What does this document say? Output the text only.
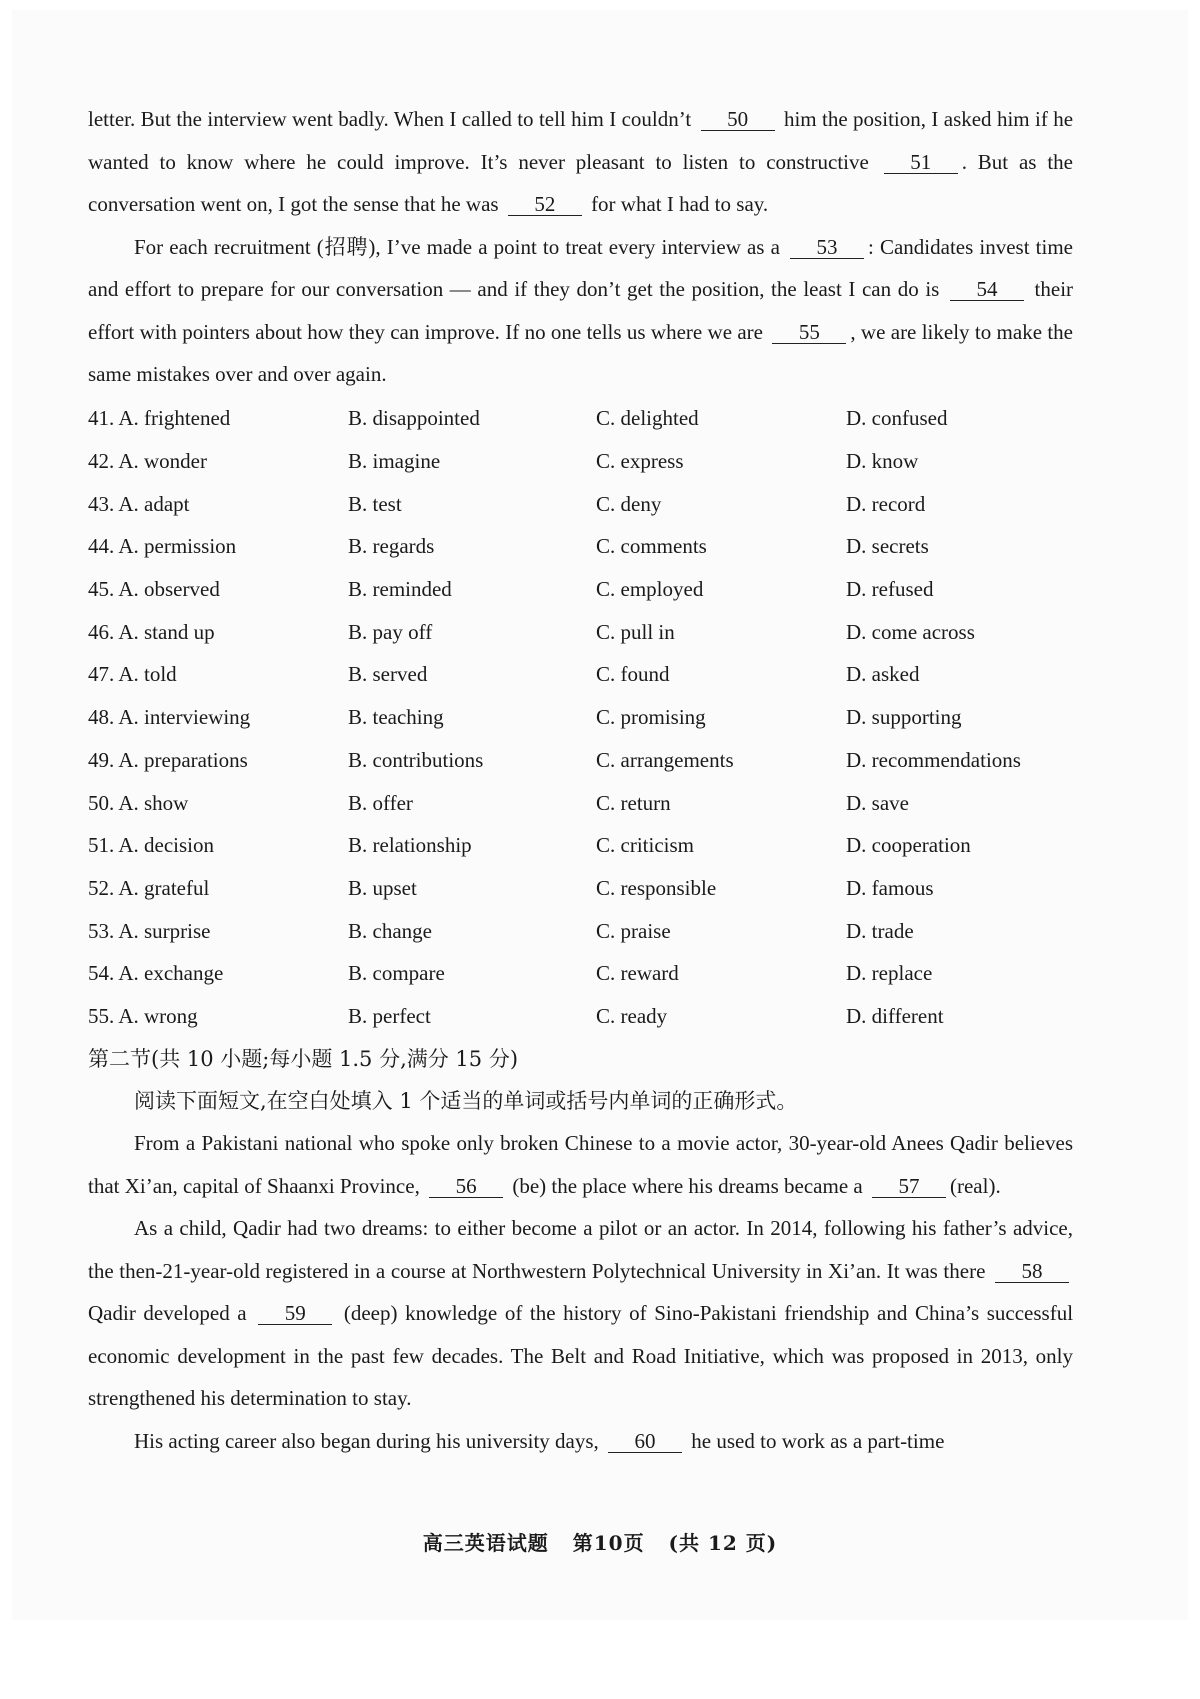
letter. But the interview went badly. When I called to tell him I couldn’t 50 him the position, I asked him if he wanted to know where he could improve. It’s never pleasant to listen to constructive 51 . But as the conversation went on, I got the sense that he was 52 for what I had to say.

For each recruitment (招聘), I’ve made a point to treat every interview as a 53 : Candidates invest time and effort to prepare for our conversation — and if they don’t get the position, the least I can do is 54 their effort with pointers about how they can improve. If no one tells us where we are 55 , we are likely to make the same mistakes over and over again.

41. A. frightened	B. disappointed	C. delighted	D. confused
42. A. wonder	B. imagine	C. express	D. know
43. A. adapt	B. test	C. deny	D. record
44. A. permission	B. regards	C. comments	D. secrets
45. A. observed	B. reminded	C. employed	D. refused
46. A. stand up	B. pay off	C. pull in	D. come across
47. A. told	B. served	C. found	D. asked
48. A. interviewing	B. teaching	C. promising	D. supporting
49. A. preparations	B. contributions	C. arrangements	D. recommendations
50. A. show	B. offer	C. return	D. save
51. A. decision	B. relationship	C. criticism	D. cooperation
52. A. grateful	B. upset	C. responsible	D. famous
53. A. surprise	B. change	C. praise	D. trade
54. A. exchange	B. compare	C. reward	D. replace
55. A. wrong	B. perfect	C. ready	D. different

第二节(共 10 小题;每小题 1.5 分,满分 15 分)

阅读下面短文,在空白处填入 1 个适当的单词或括号内单词的正确形式。

From a Pakistani national who spoke only broken Chinese to a movie actor, 30-year-old Anees Qadir believes that Xi’an, capital of Shaanxi Province, 56 (be) the place where his dreams became a 57 (real).

As a child, Qadir had two dreams: to either become a pilot or an actor. In 2014, following his father’s advice, the then-21-year-old registered in a course at Northwestern Polytechnical University in Xi’an. It was there 58 Qadir developed a 59 (deep) knowledge of the history of Sino-Pakistani friendship and China’s successful economic development in the past few decades. The Belt and Road Initiative, which was proposed in 2013, only strengthened his determination to stay.

His acting career also began during his university days, 60 he used to work as a part-time

高三英语试题 第10页 (共 12 页)
